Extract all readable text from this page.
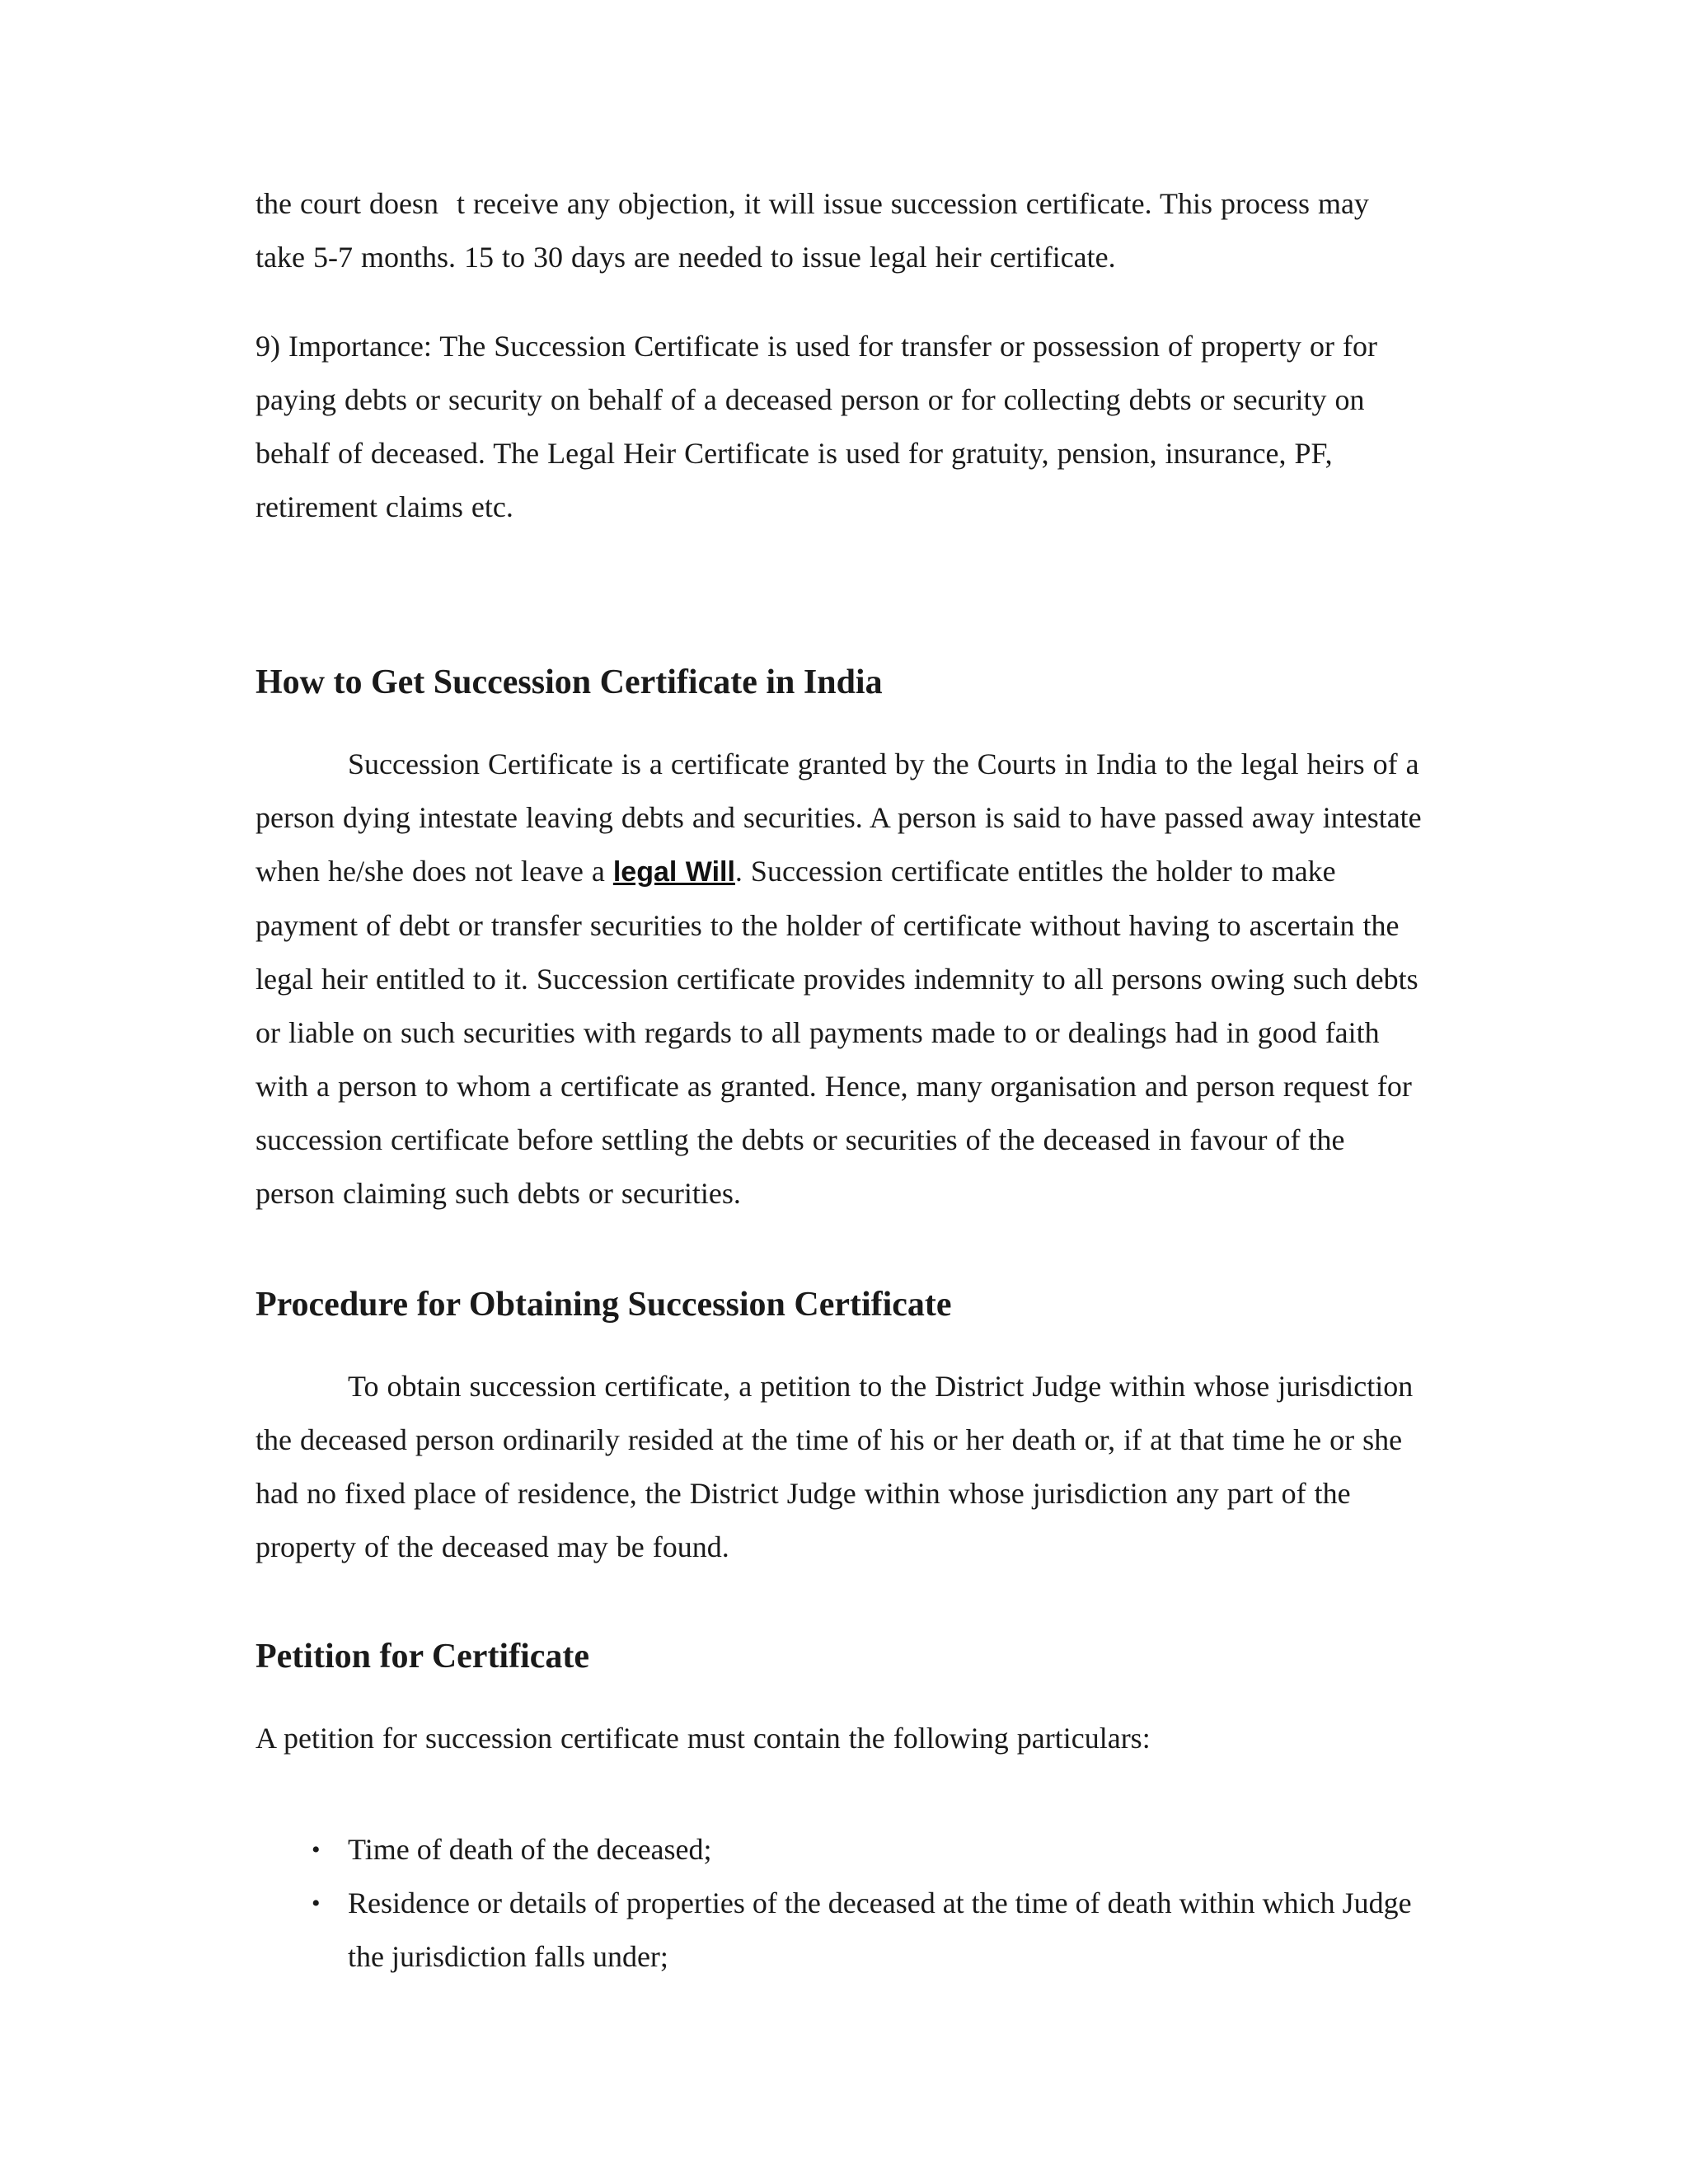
the court doesn t receive any objection, it will issue succession certificate. This process may take 5-7 months. 15 to 30 days are needed to issue legal heir certificate.

9) Importance: The Succession Certificate is used for transfer or possession of property or for paying debts or security on behalf of a deceased person or for collecting debts or security on behalf of deceased. The Legal Heir Certificate is used for gratuity, pension, insurance, PF, retirement claims etc.

How to Get Succession Certificate in India

Succession Certificate is a certificate granted by the Courts in India to the legal heirs of a person dying intestate leaving debts and securities. A person is said to have passed away intestate when he/she does not leave a legal Will. Succession certificate entitles the holder to make payment of debt or transfer securities to the holder of certificate without having to ascertain the legal heir entitled to it. Succession certificate provides indemnity to all persons owing such debts or liable on such securities with regards to all payments made to or dealings had in good faith with a person to whom a certificate as granted. Hence, many organisation and person request for succession certificate before settling the debts or securities of the deceased in favour of the person claiming such debts or securities.

Procedure for Obtaining Succession Certificate

To obtain succession certificate, a petition to the District Judge within whose jurisdiction the deceased person ordinarily resided at the time of his or her death or, if at that time he or she had no fixed place of residence, the District Judge within whose jurisdiction any part of the property of the deceased may be found.

Petition for Certificate

A petition for succession certificate must contain the following particulars:

• Time of death of the deceased;
• Residence or details of properties of the deceased at the time of death within which Judge the jurisdiction falls under;
